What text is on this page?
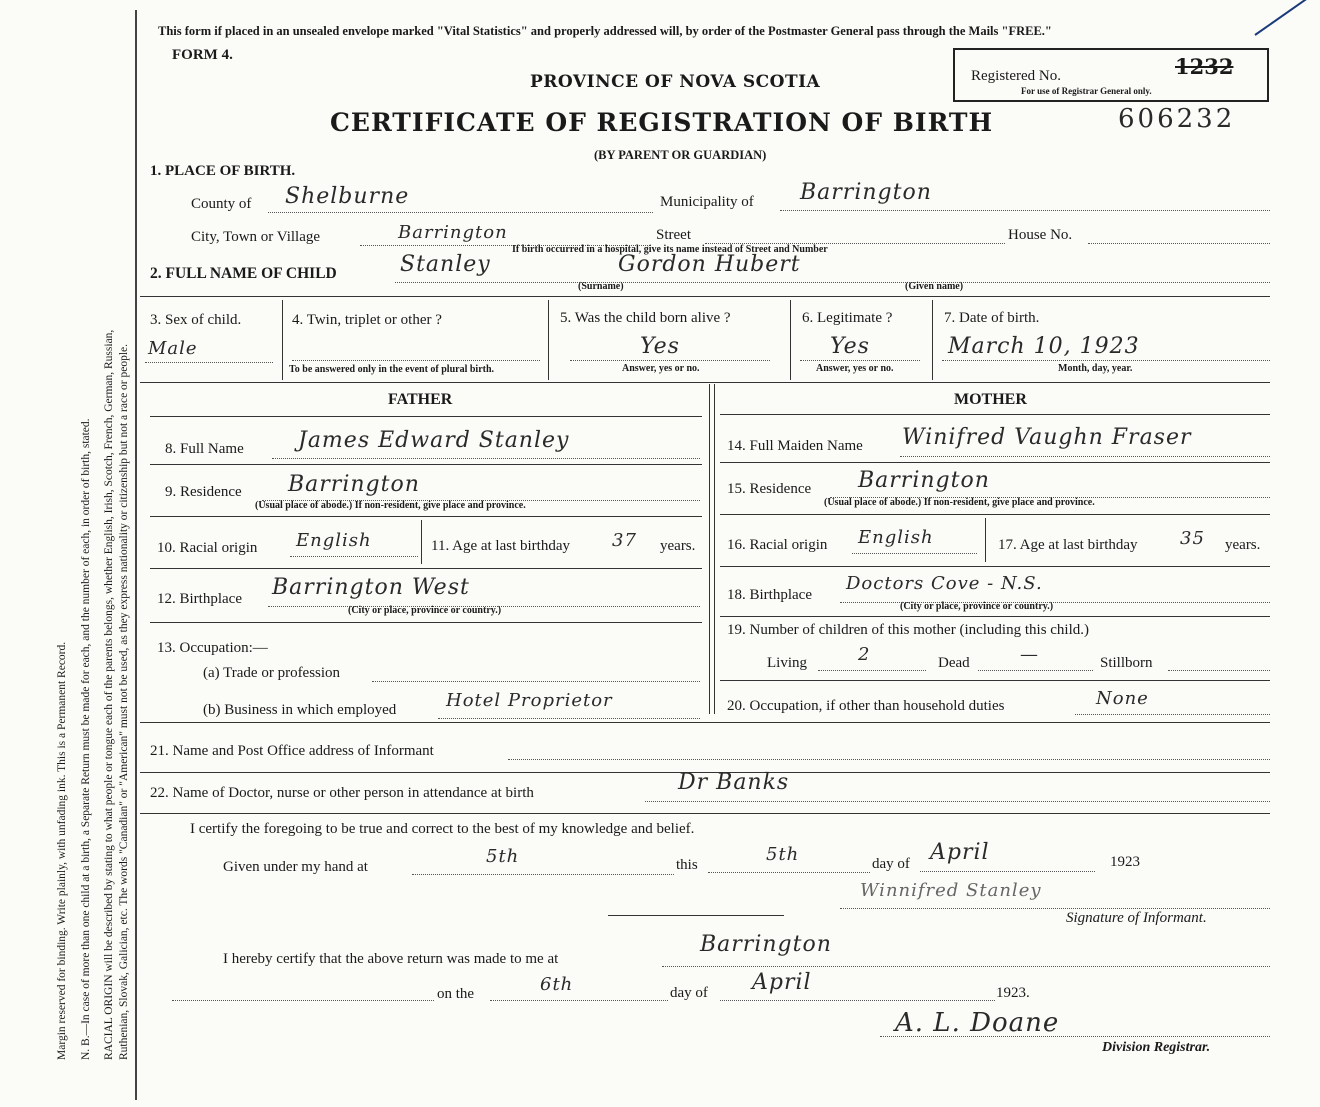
Margin reserved for binding. Write plainly, with unfading ink. This is a Permanent Record. N. B.—In case of more than one child at a birth, a Separate Return must be made for each, and the number of each, in order of birth, stated. RACIAL ORIGIN will be described by stating to what people or tongue each of the parents belongs, whether English, Irish, Scotch, French, German, Russian, Ruthenian, Slovak, Galician, etc. The words "Canadian" or "American" must not be used, as they express nationality or citizenship but not a race or people.
This form if placed in an unsealed envelope marked "Vital Statistics" and properly addressed will, by order of the Postmaster General pass through the Mails "FREE."
FORM 4.
PROVINCE OF NOVA SCOTIA
CERTIFICATE OF REGISTRATION OF BIRTH
(BY PARENT OR GUARDIAN)
Registered No.	1232
For use of Registrar General only.
606232
1. PLACE OF BIRTH.
County of Shelburne	Municipality of Barrington
City, Town or Village	Barrington	Street	House No.
If birth occurred in a hospital, give its name instead of Street and Number
2. FULL NAME OF CHILD	Stanley	Gordon Hubert
(Surname)	(Given name)
3. Sex of child.
Male
4. Twin, triplet or other ?
To be answered only in the event of plural birth.
5. Was the child born alive ?
Yes
Answer, yes or no.
6. Legitimate ?
Yes
Answer, yes or no.
7. Date of birth.
March 10, 1923
Month, day, year.
FATHER
8. Full Name James Edward Stanley
9. Residence Barrington
(Usual place of abode.) If non-resident, give place and province.
10. Racial origin English	11. Age at last birthday 37 years.
12. Birthplace Barrington West
(City or place, province or country.)
13. Occupation:—
(a) Trade or profession
(b) Business in which employed	Hotel Proprietor
MOTHER
14. Full Maiden Name Winifred Vaughn Fraser
15. Residence Barrington
(Usual place of abode.) If non-resident, give place and province.
16. Racial origin English	17. Age at last birthday 35 years.
18. Birthplace
Doctors Cove - N.S.
(City or place, province or country.)
19. Number of children of this mother (including this child.)
Living	2	Dead	—	Stillborn
20. Occupation, if other than household duties	None
21. Name and Post Office address of Informant
22. Name of Doctor, nurse or other person in attendance at birth	Dr Banks
I certify the foregoing to be true and correct to the best of my knowledge and belief.
Given under my hand at	5th	this	5th	day of April	1923
Winnifred Stanley
Signature of Informant.
I hereby certify that the above return was made to me at
Barrington
on the	6th	day of April	1923.
A. L. Doane
Division Registrar.
